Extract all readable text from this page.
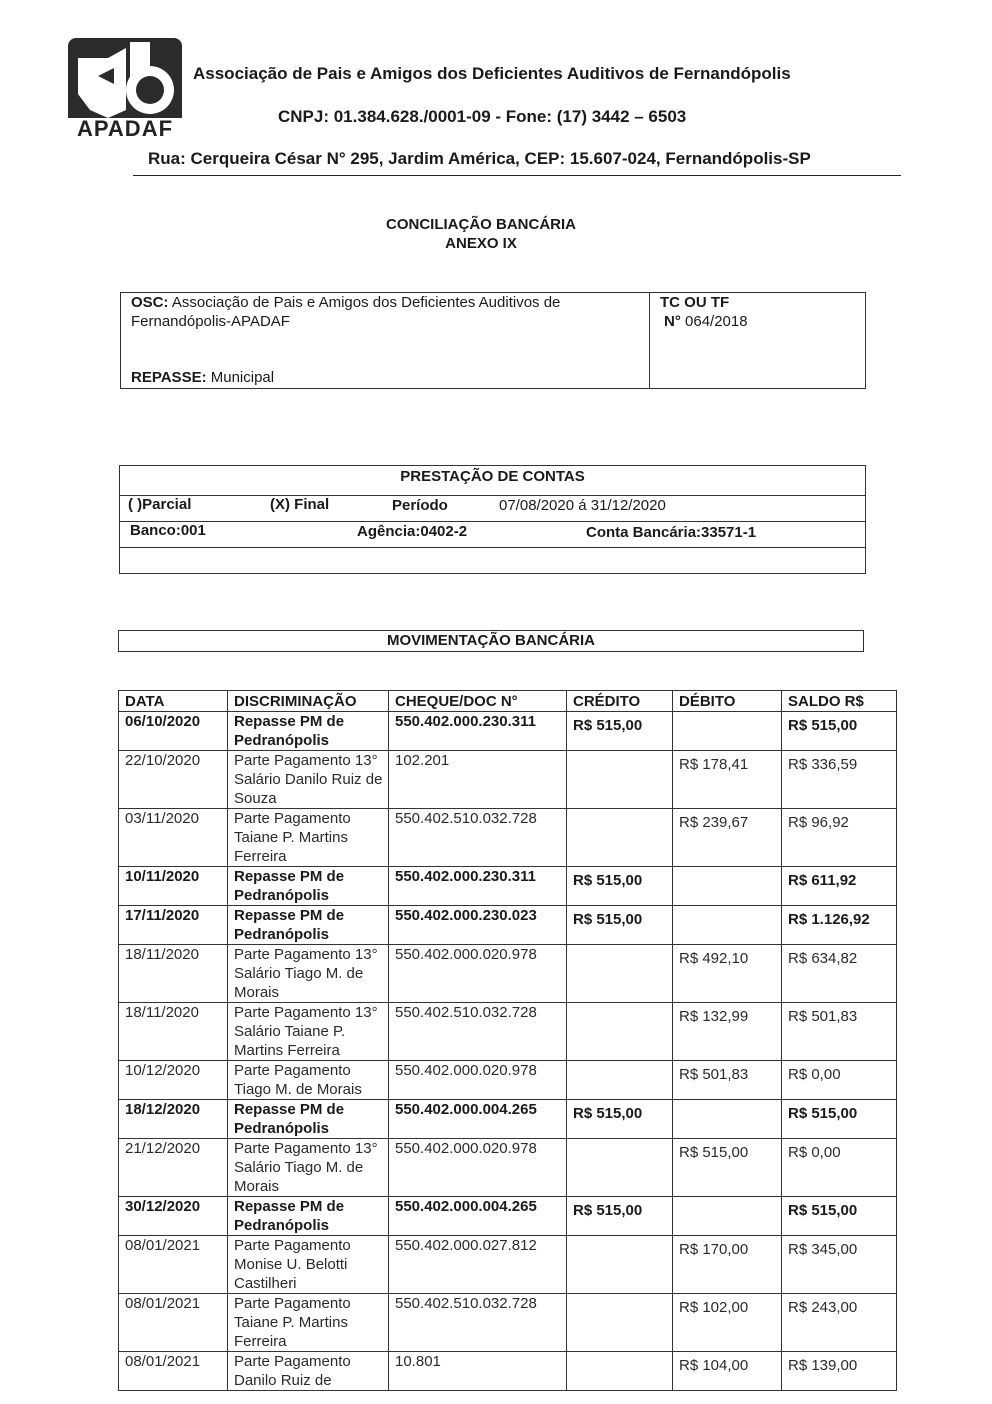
APADAF
Associação de Pais e Amigos dos Deficientes Auditivos de Fernandópolis
CNPJ: 01.384.628./0001-09 - Fone: (17) 3442 – 6503
Rua: Cerqueira César N° 295, Jardim América, CEP: 15.607-024, Fernandópolis-SP
CONCILIAÇÃO BANCÁRIA
ANEXO IX
OSC: Associação de Pais e Amigos dos Deficientes Auditivos de
Fernandópolis-APADAF
REPASSE: Municipal
TC OU TF
N° 064/2018
PRESTAÇÃO DE CONTAS
( )Parcial	(X) Final	Período	07/08/2020 á 31/12/2020
Banco:001	Agência:0402-2	Conta Bancária:33571-1
MOVIMENTAÇÃO BANCÁRIA
DATA	DISCRIMINAÇÃO	CHEQUE/DOC N°	CRÉDITO	DÉBITO	SALDO R$
06/10/2020	Repasse PM de Pedranópolis	550.402.000.230.311	R$ 515,00		R$ 515,00
22/10/2020	Parte Pagamento 13° Salário Danilo Ruiz de Souza	102.201		R$ 178,41	R$ 336,59
03/11/2020	Parte Pagamento Taiane P. Martins Ferreira	550.402.510.032.728		R$ 239,67	R$ 96,92
10/11/2020	Repasse PM de Pedranópolis	550.402.000.230.311	R$ 515,00		R$ 611,92
17/11/2020	Repasse PM de Pedranópolis	550.402.000.230.023	R$ 515,00		R$ 1.126,92
18/11/2020	Parte Pagamento 13° Salário Tiago M. de Morais	550.402.000.020.978		R$ 492,10	R$ 634,82
18/11/2020	Parte Pagamento 13° Salário Taiane P. Martins Ferreira	550.402.510.032.728		R$ 132,99	R$ 501,83
10/12/2020	Parte Pagamento Tiago M. de Morais	550.402.000.020.978		R$ 501,83	R$ 0,00
18/12/2020	Repasse PM de Pedranópolis	550.402.000.004.265	R$ 515,00		R$ 515,00
21/12/2020	Parte Pagamento 13° Salário Tiago M. de Morais	550.402.000.020.978		R$ 515,00	R$ 0,00
30/12/2020	Repasse PM de Pedranópolis	550.402.000.004.265	R$ 515,00		R$ 515,00
08/01/2021	Parte Pagamento Monise U. Belotti Castilheri	550.402.000.027.812		R$ 170,00	R$ 345,00
08/01/2021	Parte Pagamento Taiane P. Martins Ferreira	550.402.510.032.728		R$ 102,00	R$ 243,00
08/01/2021	Parte Pagamento Danilo Ruiz de	10.801		R$ 104,00	R$ 139,00
